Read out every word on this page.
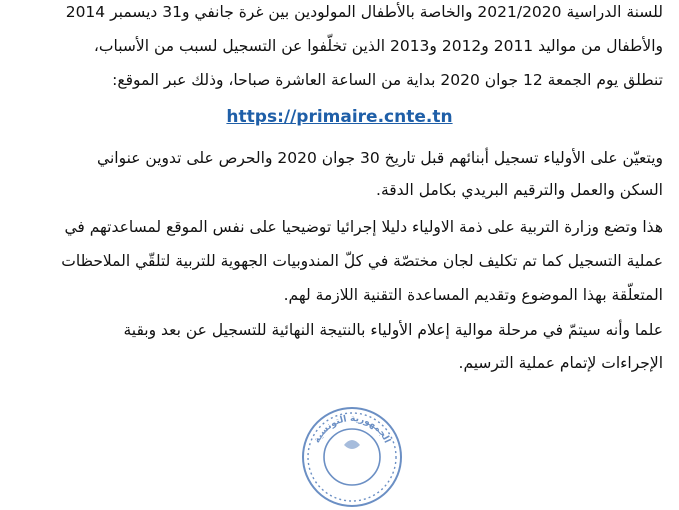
للسنة الدراسية 2021/2020 والخاصة بالأطفال المولودين بين غرة جانفي و31 ديسمبر 2014
والأطفال من مواليد 2011 و2012 و2013 الذين تخلّفوا عن التسجيل لسبب من الأسباب،
تنطلق يوم الجمعة 12 جوان 2020 بداية من الساعة العاشرة صباحا، وذلك عبر الموقع:
https://primaire.cnte.tn
ويتعيّن على الأولياء تسجيل أبنائهم قبل تاريخ 30 جوان 2020 والحرص على تدوين عنواني
السكن والعمل والترقيم البريدي بكامل الدقة.
هذا وتضع وزارة التربية على ذمة الاولياء دليلا إجرائيا توضيحيا على نفس الموقع لمساعدتهم في
عملية التسجيل كما تم تكليف لجان مختصّة في كلّ المندوبيات الجهوية للتربية لتلقّي الملاحظات
المتعلّقة بهذا الموضوع وتقديم المساعدة التقنية اللازمة لهم.
علما وأنه سيتمّ في مرحلة موالية إعلام الأولياء بالنتيجة النهائية للتسجيل عن بعد وبقية
الإجراءات لإتمام عملية الترسيم.
الجمهورية التونسية
